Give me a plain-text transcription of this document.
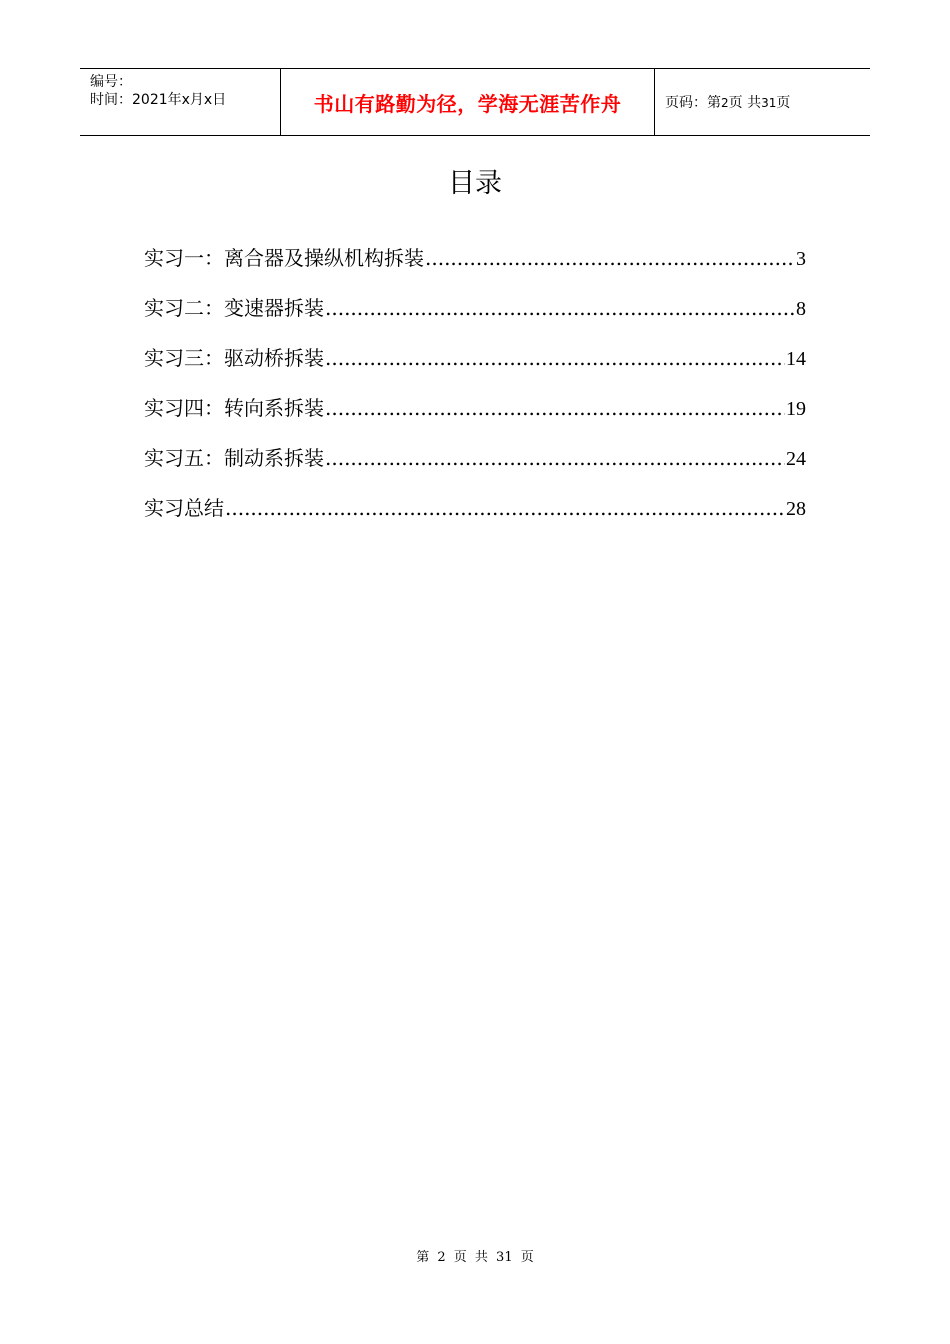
编号：
时间：2021年x月x日	书山有路勤为径，学海无涯苦作舟	页码：第2页 共31页
目录
实习一：离合器及操纵机构拆装 .....	3
实习二：变速器拆装 .....	8
实习三：驱动桥拆装 .....	14
实习四：转向系拆装 .....	19
实习五：制动系拆装 .....	24
实习总结 .....	28
第 2 页 共 31 页
